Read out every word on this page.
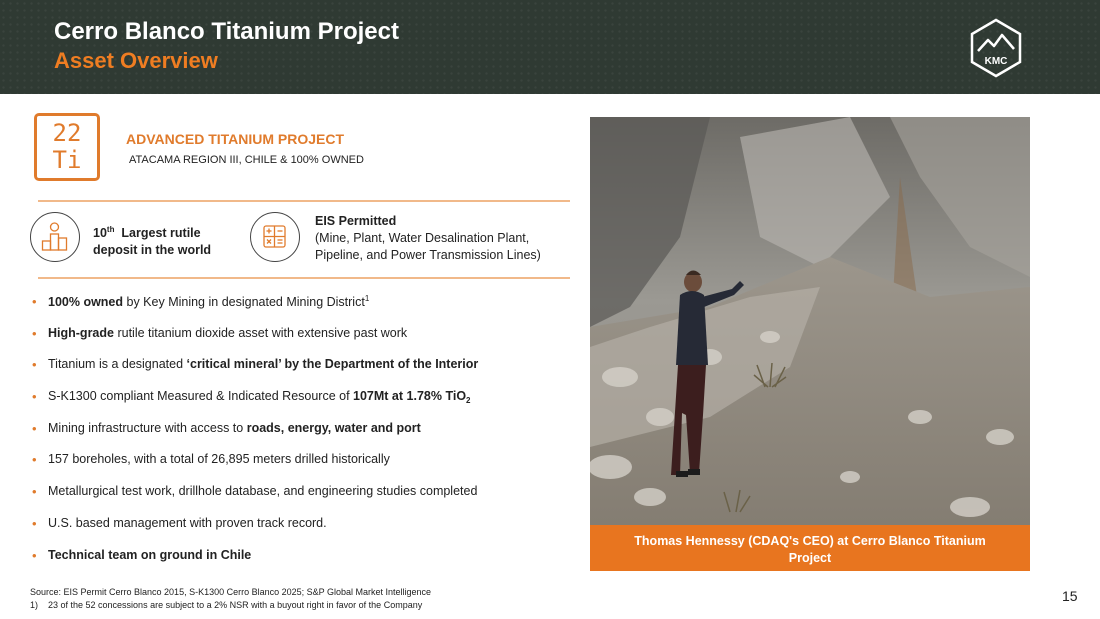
Cerro Blanco Titanium Project
Asset Overview	KMC
22
Ti
ADVANCED TITANIUM PROJECT
ATACAMA REGION III, CHILE & 100% OWNED
10th Largest rutile
deposit in the world
EIS Permitted
(Mine, Plant, Water Desalination Plant,
Pipeline, and Power Transmission Lines)
• 100% owned by Key Mining in designated Mining District$^1$
• High-grade rutile titanium dioxide asset with extensive past work
• Titanium is a designated ‘critical mineral’ by the Department of the Interior
• S-K1300 compliant Measured & Indicated Resource of 107Mt at 1.78% TiO$_2$
• Mining infrastructure with access to roads, energy, water and port
• 157 boreholes, with a total of 26,895 meters drilled historically
• Metallurgical test work, drillhole database, and engineering studies completed
• U.S. based management with proven track record.
• Technical team on ground in Chile
Thomas Hennessy (CDAQ's CEO) at Cerro Blanco Titanium Project
Source: EIS Permit Cerro Blanco 2015, S-K1300 Cerro Blanco 2025; S&P Global Market Intelligence
1) 23 of the 52 concessions are subject to a 2% NSR with a buyout right in favor of the Company
15
